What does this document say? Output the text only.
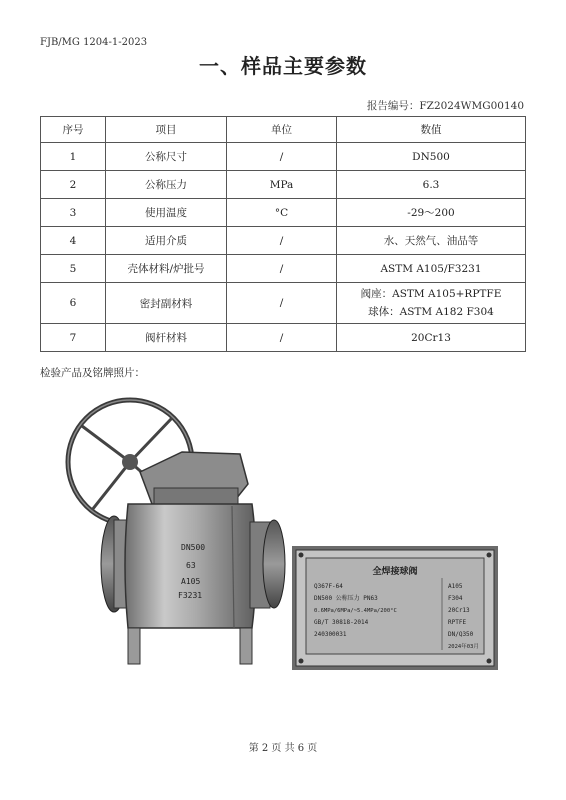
FJB/MG 1204-1-2023
一、样品主要参数
报告编号：FZ2024WMG00140
序号	项目	单位	数值
1	公称尺寸	/	DN500
2	公称压力	MPa	6.3
3	使用温度	°C	-29～200
4	适用介质	/	水、天然气、油品等
5	壳体材料/炉批号	/	ASTM A105/F3231
6	密封副材料	/	阀座：ASTM A105+RPTFE
球体：ASTM A182 F304

7	阀杆材料	/	20Cr13
检验产品及铭牌照片：
DN500
63
A105
F3231
全焊接球阀
Q367F-64
DN500 公称压力 PN63
0.6MPa/6MPa/~5.4MPa/200°C
GB/T 30818-2014
240300031
A105
F304
20Cr13
RPTFE
DN/Q350
2024年03月
第 2 页 共 6 页
